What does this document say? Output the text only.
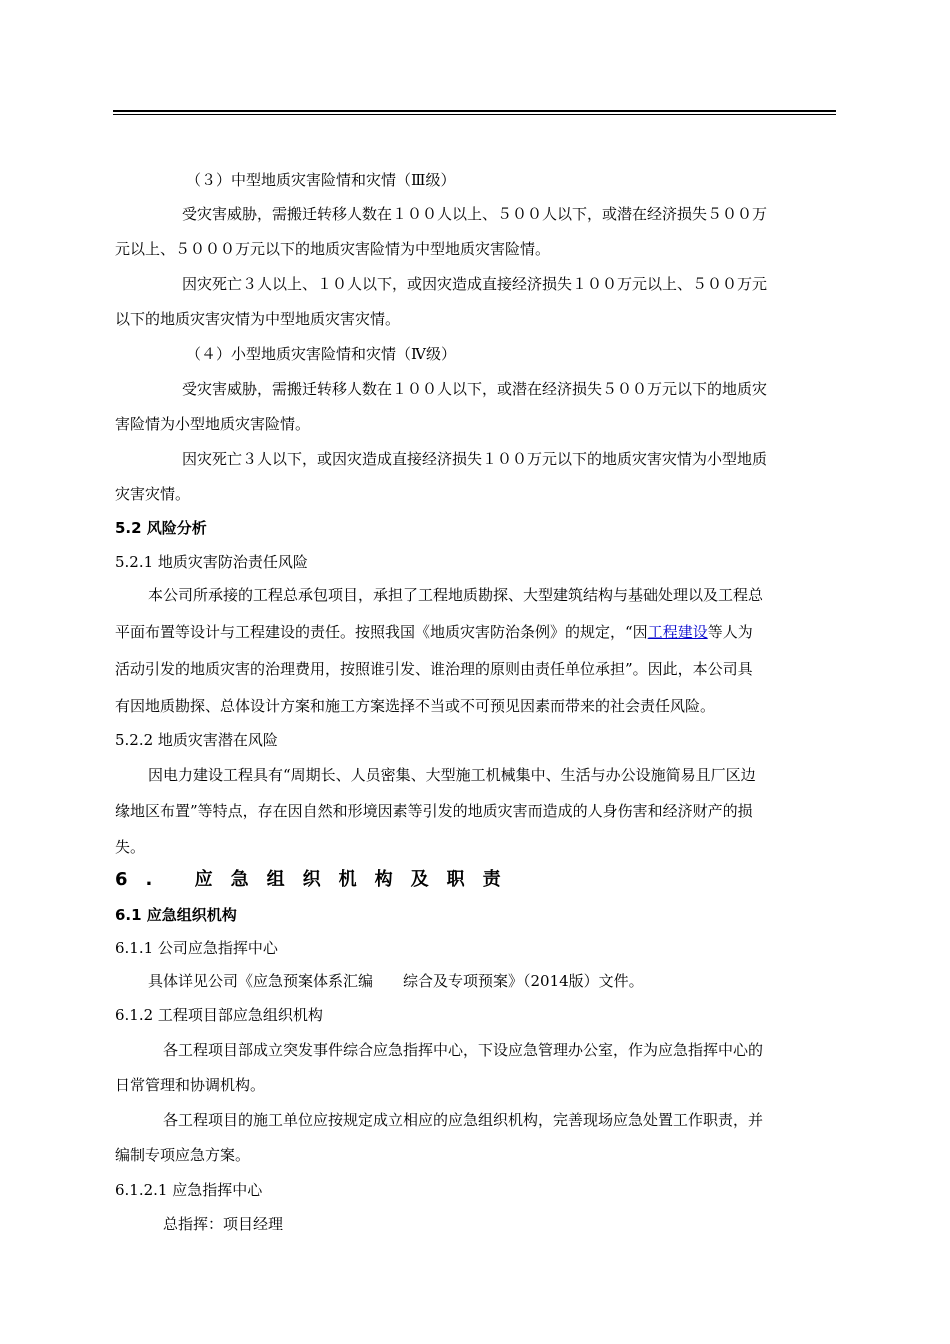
（３）中型地质灾害险情和灾情（Ⅲ级）
受灾害威胁，需搬迁转移人数在１００人以上、５００人以下，或潜在经济损失５００万
元以上、５０００万元以下的地质灾害险情为中型地质灾害险情。
因灾死亡３人以上、１０人以下，或因灾造成直接经济损失１００万元以上、５００万元
以下的地质灾害灾情为中型地质灾害灾情。
（４）小型地质灾害险情和灾情（Ⅳ级）
受灾害威胁，需搬迁转移人数在１００人以下，或潜在经济损失５００万元以下的地质灾
害险情为小型地质灾害险情。
因灾死亡３人以下，或因灾造成直接经济损失１００万元以下的地质灾害灾情为小型地质
灾害灾情。
5.2 风险分析
5.2.1 地质灾害防治责任风险
本公司所承接的工程总承包项目，承担了工程地质勘探、大型建筑结构与基础处理以及工程总
平面布置等设计与工程建设的责任。按照我国《地质灾害防治条例》的规定，“因工程建设等人为
活动引发的地质灾害的治理费用，按照谁引发、谁治理的原则由责任单位承担”。因此，本公司具
有因地质勘探、总体设计方案和施工方案选择不当或不可预见因素而带来的社会责任风险。
5.2.2 地质灾害潜在风险
因电力建设工程具有“周期长、人员密集、大型施工机械集中、生活与办公设施简易且厂区边
缘地区布置”等特点，存在因自然和形境因素等引发的地质灾害而造成的人身伤害和经济财产的损
失。
6. 应急组织机构及职责
6.1 应急组织机构
6.1.1 公司应急指挥中心
具体详见公司《应急预案体系汇编　　综合及专项预案》（2014版）文件。
6.1.2 工程项目部应急组织机构
各工程项目部成立突发事件综合应急指挥中心，下设应急管理办公室，作为应急指挥中心的
日常管理和协调机构。
各工程项目的施工单位应按规定成立相应的应急组织机构，完善现场应急处置工作职责，并
编制专项应急方案。
6.1.2.1 应急指挥中心
总指挥：项目经理
